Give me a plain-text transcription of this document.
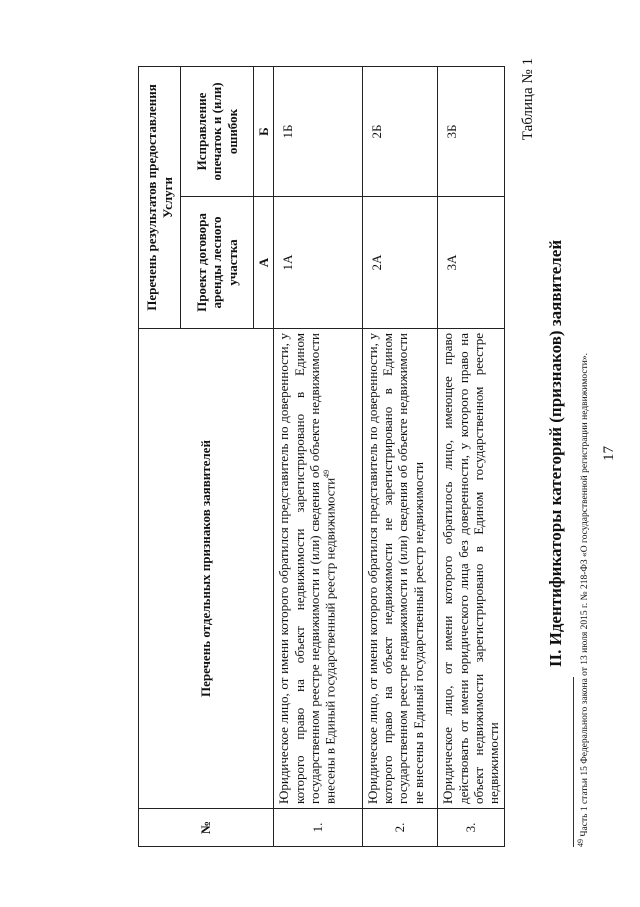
17
II. Идентификаторы категорий (признаков) заявителей
Таблица № 1
№	Перечень отдельных признаков заявителей	Перечень результатов предоставления Услуги	
		Проект договора аренды лесного участка	Исправление опечаток и (или) ошибок
		А	Б
1.	Юридическое лицо, от имени которого обратился представитель по доверенности, у которого право на объект недвижимости зарегистрировано в Едином государственном реестре недвижимости и (или) сведения об объекте недвижимости внесены в Единый государственный реестр недвижимости$^{49}$	1А	1Б
2.	Юридическое лицо, от имени которого обратился представитель по доверенности, у которого право на объект недвижимости не зарегистрировано в Едином государственном реестре недвижимости и (или) сведения об объекте недвижимости не внесены в Единый государственный реестр недвижимости	2А	2Б
3.	Юридическое лицо, от имени которого обратилось лицо, имеющее право действовать от имени юридического лица без доверенности, у которого право на объект недвижимости зарегистрировано в Едином государственном реестре недвижимости	3А	3Б
$^{49}$ Часть 1 статьи 15 Федерального закона от 13 июля 2015 г. № 218-ФЗ «О государственной регистрации недвижимости».
